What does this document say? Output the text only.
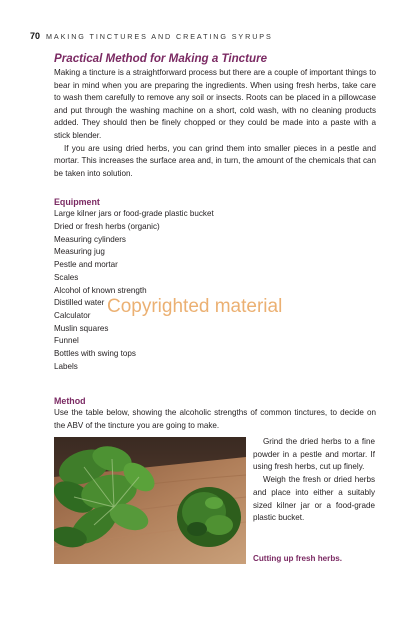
70 MAKING TINCTURES AND CREATING SYRUPS
Practical Method for Making a Tincture

Making a tincture is a straightforward process but there are a couple of important things to bear in mind when you are preparing the ingredients. When using fresh herbs, take care to wash them carefully to remove any soil or insects. Roots can be placed in a pillowcase and put through the washing machine on a short, cold wash, with no cleaning products added. They should then be finely chopped or they could be made into a paste with a stick blender.

If you are using dried herbs, you can grind them into smaller pieces in a pestle and mortar. This increases the surface area and, in turn, the amount of the chemicals that can be taken into solution.

Equipment
Large kilner jars or food-grade plastic bucket
Dried or fresh herbs (organic)
Measuring cylinders
Measuring jug
Pestle and mortar
Scales
Alcohol of known strength
Distilled water
Calculator
Muslin squares
Funnel
Bottles with swing tops
Labels
Method

Use the table below, showing the alcoholic strengths of common tinctures, to decide on the ABV of the tincture you are going to make.

Grind the dried herbs to a fine powder in a pestle and mortar. If using fresh herbs, cut up finely.

Weigh the fresh or dried herbs and place into either a suitably sized kilner jar or a food-grade plastic bucket.

Cutting up fresh herbs.
Copyrighted material
